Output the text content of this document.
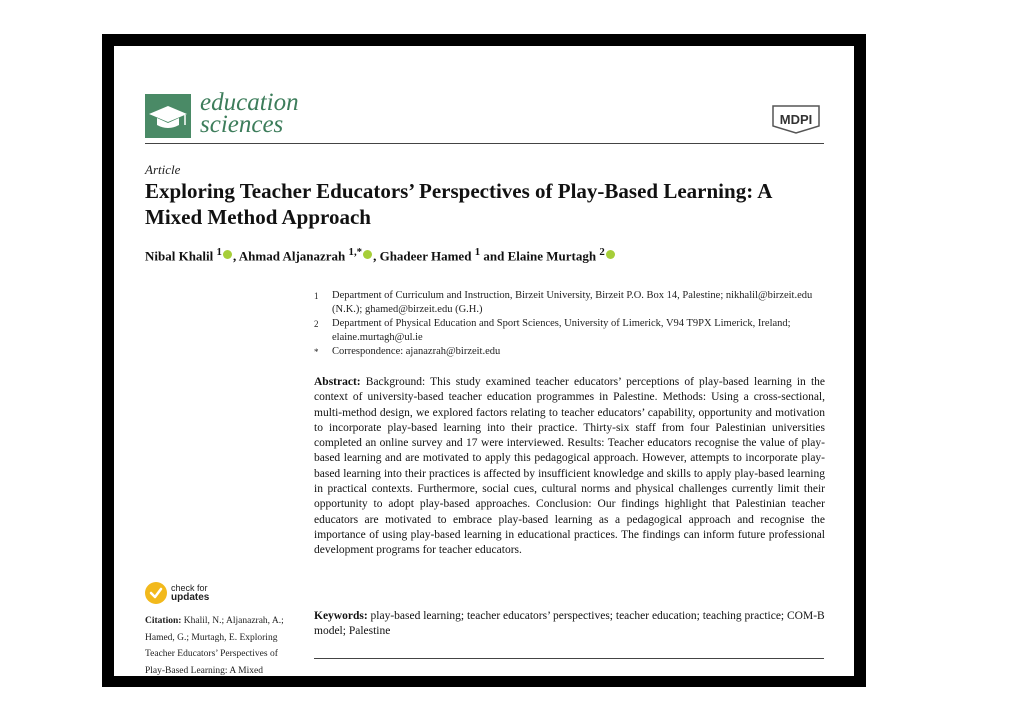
education
sciences	MDPI
Article
Exploring Teacher Educators’ Perspectives of Play-Based Learning: A Mixed Method Approach
Nibal Khalil $^1$ , Ahmad Aljanazrah $^{1,*}$ , Ghadeer Hamed $^1$ and Elaine Murtagh $^2$
1 Department of Curriculum and Instruction, Birzeit University, Birzeit P.O. Box 14, Palestine; nikhalil@birzeit.edu (N.K.); ghamed@birzeit.edu (G.H.)
2 Department of Physical Education and Sport Sciences, University of Limerick, V94 T9PX Limerick, Ireland; elaine.murtagh@ul.ie
* Correspondence: ajanazrah@birzeit.edu

Abstract: Background: This study examined teacher educators’ perceptions of play-based learning in the context of university-based teacher education programmes in Palestine. Methods: Using a cross-sectional, multi-method design, we explored factors relating to teacher educators’ capability, opportunity and motivation to incorporate play-based learning into their practice. Thirty-six staff from four Palestinian universities completed an online survey and 17 were interviewed. Results: Teacher educators recognise the value of play-based learning and are motivated to apply this pedagogical approach. However, attempts to incorporate play-based learning into their practices is affected by insufficient knowledge and skills to apply play-based learning in practical contexts. Furthermore, social cues, cultural norms and physical challenges currently limit their opportunity to adopt play-based approaches. Conclusion: Our findings highlight that Palestinian teacher educators are motivated to embrace play-based learning as a pedagogical approach and recognise the importance of using play-based learning in educational practices. The findings can inform future professional development programs for teacher educators.

Keywords: play-based learning; teacher educators’ perspectives; teacher education; teaching practice; COM-B model; Palestine

check for
updates
Citation: Khalil, N.; Aljanazrah, A.; Hamed, G.; Murtagh, E. Exploring Teacher Educators’ Perspectives of Play-Based Learning: A Mixed
